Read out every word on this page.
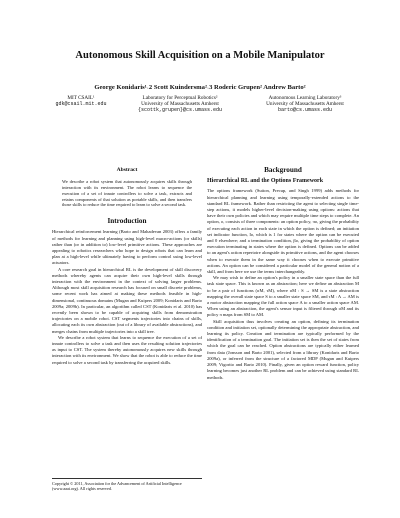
Autonomous Skill Acquisition on a Mobile Manipulator
George Konidaris¹˒2 Scott Kuindersma²˒3 Roderic Grupen² Andrew Barto²
MIT CSAIL¹
gdk@csail.mit.edu
Laboratory for Perceptual Robotics²
University of Massachusetts Amherst
{scottk,grupen}@cs.umass.edu
Autonomous Learning Laboratory³
University of Massachusetts Amherst
barto@cs.umass.edu
Abstract
We describe a robot system that autonomously acquires skills through interaction with its environment. The robot learns to sequence the execution of a set of innate controllers to solve a task, extracts and retains components of that solution as portable skills, and then transfers those skills to reduce the time required to learn to solve a second task.
Introduction

Hierarchical reinforcement learning (Barto and Mahadevan 2003) offers a family of methods for learning and planning using high-level macro-actions (or skills) rather than (or in addition to) low-level primitive actions. These approaches are appealing to robotics researchers who hope to design robots that can learn and plan at a high-level while ultimately having to perform control using low-level actuators.

A core research goal in hierarchical RL is the development of skill discovery methods whereby agents can acquire their own high-level skills through interaction with the environment in the context of solving larger problems. Although most skill acquisition research has focused on small discrete problems, some recent work has aimed at making these methods feasible in high-dimensional, continuous domains (Mugan and Kuipers 2009; Konidaris and Barto 2009a; 2009b). In particular, an algorithm called CST (Konidaris et al. 2010) has recently been shown to be capable of acquiring skills from demonstration trajectories on a mobile robot. CST segments trajectories into chains of skills, allocating each its own abstraction (out of a library of available abstractions), and merges chains from multiple trajectories into a skill tree.

We describe a robot system that learns to sequence the execution of a set of innate controllers to solve a task and then uses the resulting solution trajectories as input to CST. The system thereby autonomously acquires new skills through interaction with its environment. We show that the robot is able to reduce the time required to solve a second task by transferring the acquired skills.

Copyright © 2011, Association for the Advancement of Artificial Intelligence (www.aaai.org). All rights reserved.
Background
Hierarchical RL and the Options Framework

The options framework (Sutton, Precup, and Singh 1999) adds methods for hierarchical planning and learning using temporally-extended actions to the standard RL framework. Rather than restricting the agent to selecting single time-step actions, it models higher-level decision-making using options: actions that have their own policies and which may require multiple time steps to complete. An option, o, consists of three components: an option policy, πo, giving the probability of executing each action in each state in which the option is defined; an initiation set indicator function, Io, which is 1 for states where the option can be executed and 0 elsewhere; and a termination condition, βo, giving the probability of option execution terminating in states where the option is defined. Options can be added to an agent's action repertoire alongside its primitive actions, and the agent chooses when to execute them in the same way it chooses when to execute primitive actions. An option can be considered a particular model of the general notion of a skill, and from here we use the terms interchangeably.

We may wish to define an option's policy in a smaller state space than the full task state space. This is known as an abstraction; here we define an abstraction M to be a pair of functions (σM, τM), where σM : S → SM is a state abstraction mapping the overall state space S to a smaller state space SM, and τM : A → AM is a motor abstraction mapping the full action space A to a smaller action space AM. When using an abstraction, the agent's sensor input is filtered through σM and its policy π maps from SM to AM.

Skill acquisition thus involves creating an option, defining its termination condition and initiation set, optionally determining the appropriate abstraction, and learning its policy. Creation and termination are typically performed by the identification of a termination goal. The initiation set is then the set of states from which the goal can be reached. Option abstractions are typically either learned from data (Jonsson and Barto 2001), selected from a library (Konidaris and Barto 2009a), or inferred from the structure of a factored MDP (Mugan and Kuipers 2009; Vigorito and Barto 2010). Finally, given an option reward function, policy learning becomes just another RL problem and can be achieved using standard RL methods.
